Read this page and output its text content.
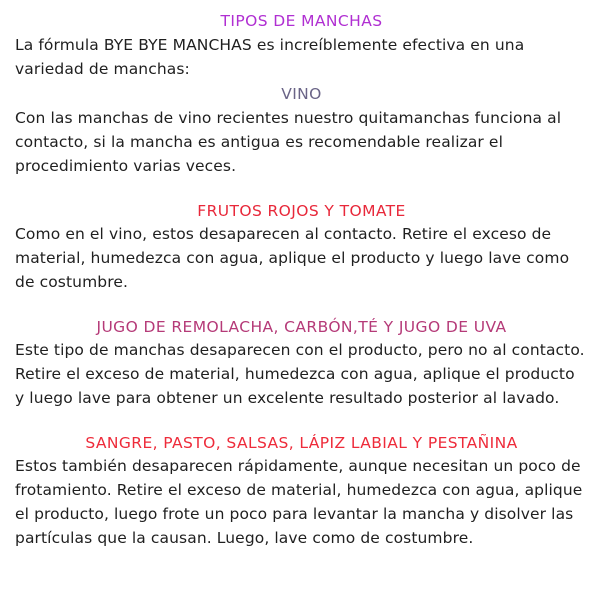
TIPOS DE MANCHAS

La fórmula BYE BYE MANCHAS es increíblemente efectiva en una variedad de manchas:

VINO

Con las manchas de vino recientes nuestro quitamanchas funciona al contacto, si la mancha es antigua es recomendable realizar el procedimiento varias veces.

FRUTOS ROJOS Y TOMATE

Como en el vino, estos desaparecen al contacto. Retire el exceso de material, humedezca con agua, aplique el producto y luego lave como de costumbre.

JUGO DE REMOLACHA, CARBÓN,TÉ Y JUGO DE UVA

Este tipo de manchas desaparecen con el producto, pero no al contacto. Retire el exceso de material, humedezca con agua, aplique el producto y luego lave para obtener un excelente resultado posterior al lavado.

SANGRE, PASTO, SALSAS, LÁPIZ LABIAL Y PESTAÑINA

Estos también desaparecen rápidamente, aunque necesitan un poco de frotamiento. Retire el exceso de material, humedezca con agua, aplique el producto, luego frote un poco para levantar la mancha y disolver las partículas que la causan. Luego, lave como de costumbre.
